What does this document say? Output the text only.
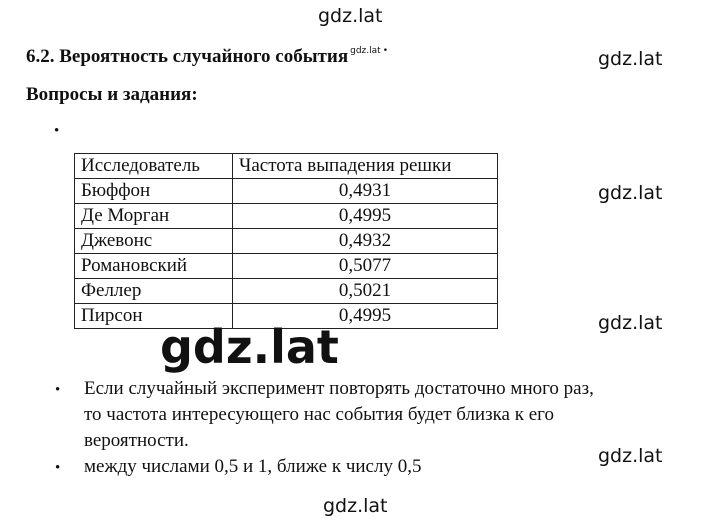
gdz.lat
gdz.lat
gdz.lat
gdz.lat
gdz.lat
gdz.lat
6.2. Вероятность случайного события $^{gdz.lat}$ •
Вопросы и задания:
•
Исследователь	Частота выпадения решки
Бюффон	0,4931
Де Морган	0,4995
Джевонс	0,4932
Романовский	0,5077
Феллер	0,5021
Пирсон	0,4995
gdz.lat
• Если случайный эксперимент повторять достаточно много раз,
то частота интересующего нас события будет близка к его
вероятности.
• между числами 0,5 и 1, ближе к числу 0,5
